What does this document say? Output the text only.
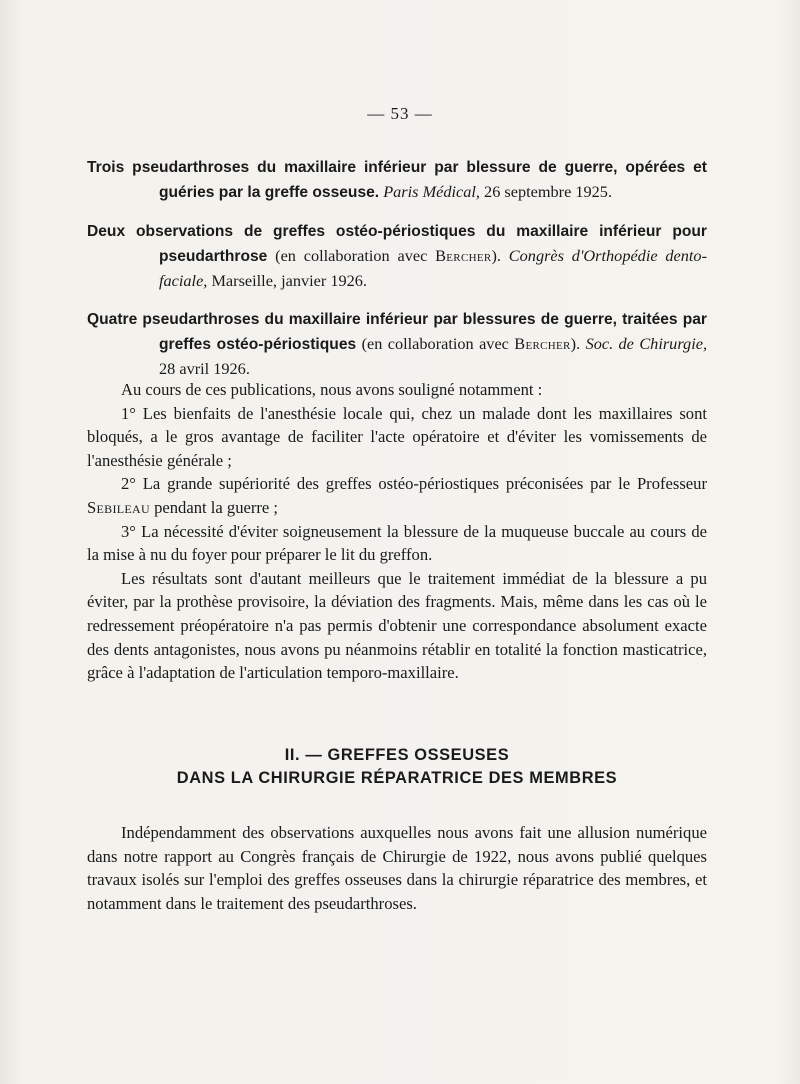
— 53 —

Trois pseudarthroses du maxillaire inférieur par blessure de guerre, opérées et guéries par la greffe osseuse. Paris Médical, 26 septembre 1925.

Deux observations de greffes ostéo-périostiques du maxillaire inférieur pour pseudarthrose (en collaboration avec Bercher). Congrès d'Orthopédie dento-faciale, Marseille, janvier 1926.

Quatre pseudarthroses du maxillaire inférieur par blessures de guerre, traitées par greffes ostéo-périostiques (en collaboration avec Bercher). Soc. de Chirurgie, 28 avril 1926.

Au cours de ces publications, nous avons souligné notamment :

1° Les bienfaits de l'anesthésie locale qui, chez un malade dont les maxillaires sont bloqués, a le gros avantage de faciliter l'acte opératoire et d'éviter les vomissements de l'anesthésie générale ;

2° La grande supériorité des greffes ostéo-périostiques préconisées par le Professeur Sebileau pendant la guerre ;

3° La nécessité d'éviter soigneusement la blessure de la muqueuse buccale au cours de la mise à nu du foyer pour préparer le lit du greffon.

Les résultats sont d'autant meilleurs que le traitement immédiat de la blessure a pu éviter, par la prothèse provisoire, la déviation des fragments. Mais, même dans les cas où le redressement préopératoire n'a pas permis d'obtenir une correspondance absolument exacte des dents antagonistes, nous avons pu néanmoins rétablir en totalité la fonction masticatrice, grâce à l'adaptation de l'articulation temporo-maxillaire.

II. — GREFFES OSSEUSES
DANS LA CHIRURGIE RÉPARATRICE DES MEMBRES

Indépendamment des observations auxquelles nous avons fait une allusion numérique dans notre rapport au Congrès français de Chirurgie de 1922, nous avons publié quelques travaux isolés sur l'emploi des greffes osseuses dans la chirurgie réparatrice des membres, et notamment dans le traitement des pseudarthroses.
